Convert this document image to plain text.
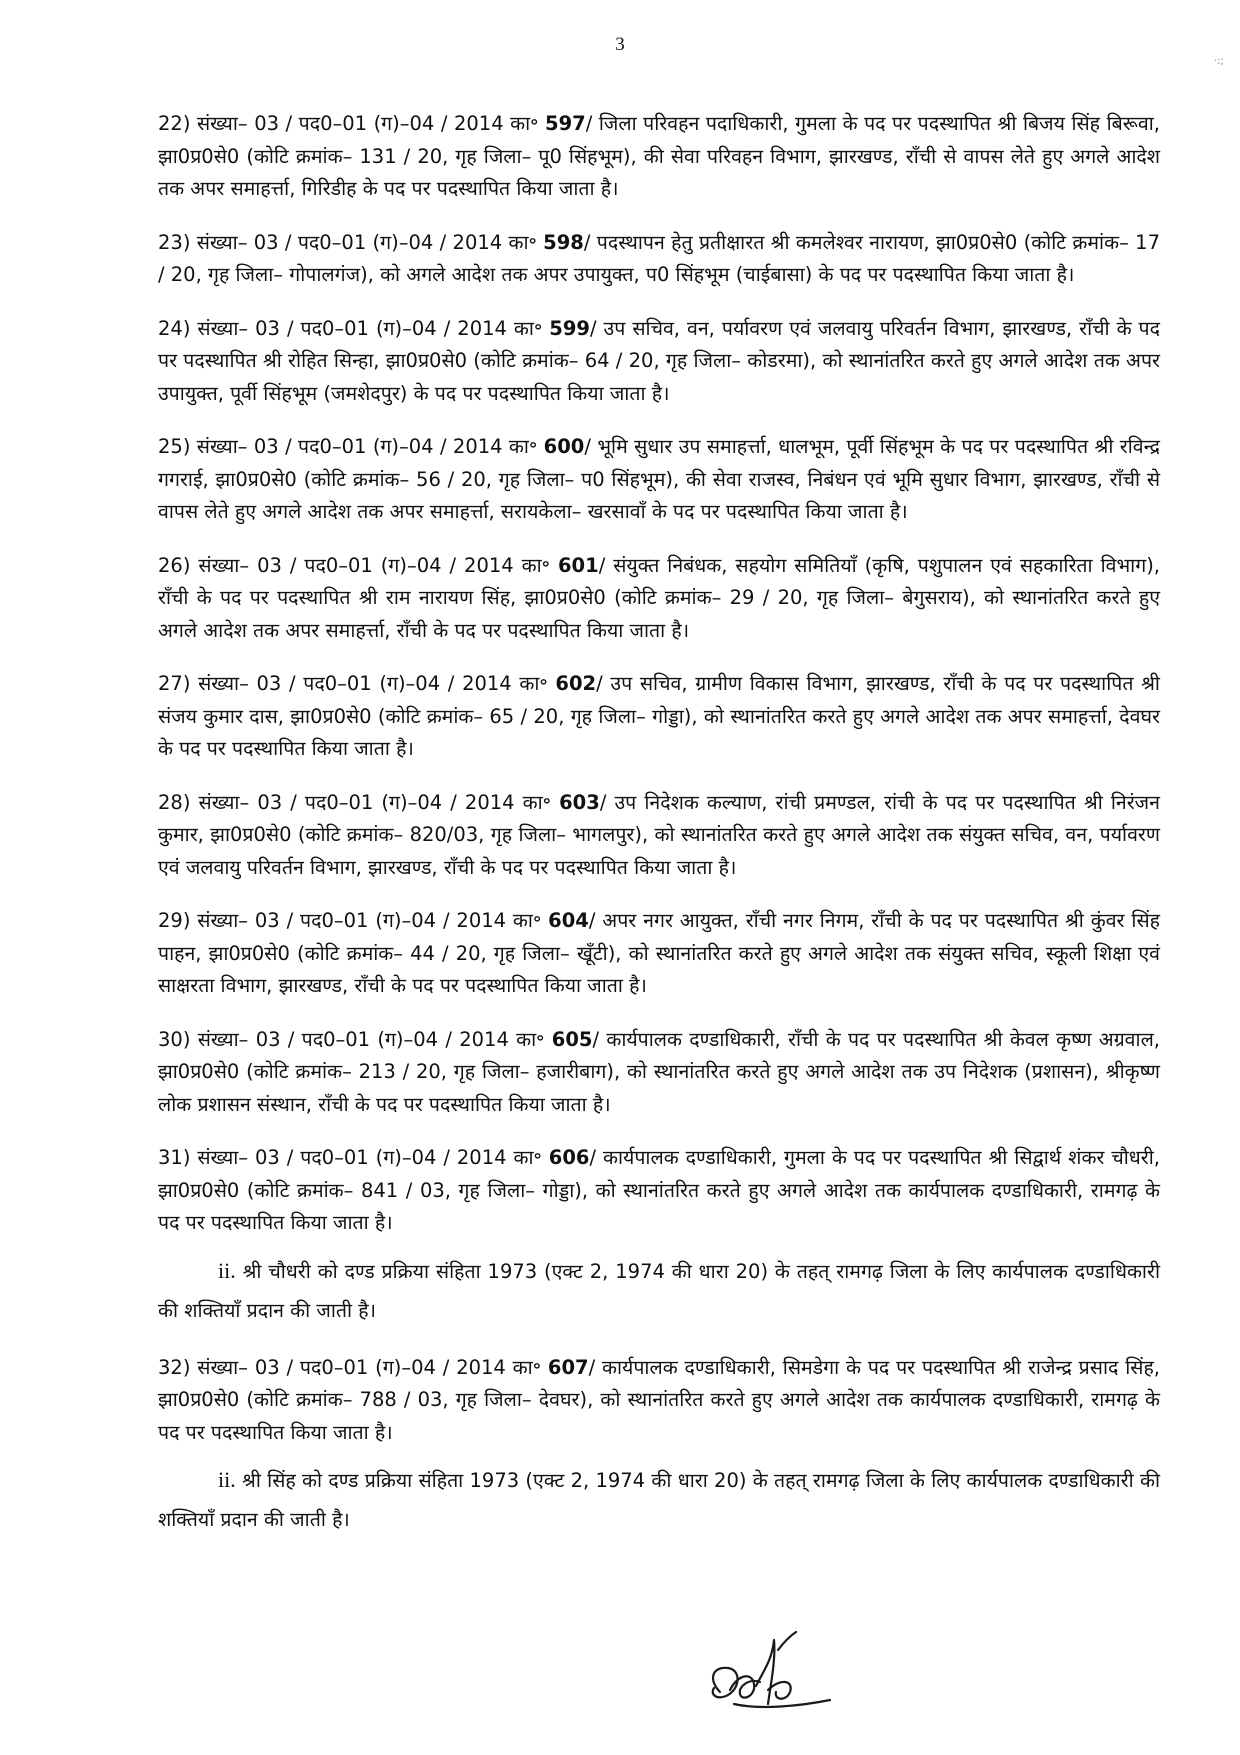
3
·:;

22) संख्या– 03 / पद0–01 (ग)–04 / 2014 का॰ 597/ जिला परिवहन पदाधिकारी, गुमला के पद पर पदस्थापित श्री बिजय सिंह बिरूवा, झा0प्र0से0 (कोटि क्रमांक– 131 / 20, गृह जिला– पू0 सिंहभूम), की सेवा परिवहन विभाग, झारखण्ड, राँची से वापस लेते हुए अगले आदेश तक अपर समाहर्त्ता, गिरिडीह के पद पर पदस्थापित किया जाता है।

23) संख्या– 03 / पद0–01 (ग)–04 / 2014 का॰ 598/ पदस्थापन हेतु प्रतीक्षारत श्री कमलेश्वर नारायण, झा0प्र0से0 (कोटि क्रमांक– 17 / 20, गृह जिला– गोपालगंज), को अगले आदेश तक अपर उपायुक्त, प0 सिंहभूम (चाईबासा) के पद पर पदस्थापित किया जाता है।

24) संख्या– 03 / पद0–01 (ग)–04 / 2014 का॰ 599/ उप सचिव, वन, पर्यावरण एवं जलवायु परिवर्तन विभाग, झारखण्ड, राँची के पद पर पदस्थापित श्री रोहित सिन्हा, झा0प्र0से0 (कोटि क्रमांक– 64 / 20, गृह जिला– कोडरमा), को स्थानांतरित करते हुए अगले आदेश तक अपर उपायुक्त, पूर्वी सिंहभूम (जमशेदपुर) के पद पर पदस्थापित किया जाता है।

25) संख्या– 03 / पद0–01 (ग)–04 / 2014 का॰ 600/ भूमि सुधार उप समाहर्त्ता, धालभूम, पूर्वी सिंहभूम के पद पर पदस्थापित श्री रविन्द्र गगराई, झा0प्र0से0 (कोटि क्रमांक– 56 / 20, गृह जिला– प0 सिंहभूम), की सेवा राजस्व, निबंधन एवं भूमि सुधार विभाग, झारखण्ड, राँची से वापस लेते हुए अगले आदेश तक अपर समाहर्त्ता, सरायकेला– खरसावाँ के पद पर पदस्थापित किया जाता है।

26) संख्या– 03 / पद0–01 (ग)–04 / 2014 का॰ 601/ संयुक्त निबंधक, सहयोग समितियाँ (कृषि, पशुपालन एवं सहकारिता विभाग), राँची के पद पर पदस्थापित श्री राम नारायण सिंह, झा0प्र0से0 (कोटि क्रमांक– 29 / 20, गृह जिला– बेगुसराय), को स्थानांतरित करते हुए अगले आदेश तक अपर समाहर्त्ता, राँची के पद पर पदस्थापित किया जाता है।

27) संख्या– 03 / पद0–01 (ग)–04 / 2014 का॰ 602/ उप सचिव, ग्रामीण विकास विभाग, झारखण्ड, राँची के पद पर पदस्थापित श्री संजय कुमार दास, झा0प्र0से0 (कोटि क्रमांक– 65 / 20, गृह जिला– गोड्डा), को स्थानांतरित करते हुए अगले आदेश तक अपर समाहर्त्ता, देवघर के पद पर पदस्थापित किया जाता है।

28) संख्या– 03 / पद0–01 (ग)–04 / 2014 का॰ 603/ उप निदेशक कल्याण, रांची प्रमण्डल, रांची के पद पर पदस्थापित श्री निरंजन कुमार, झा0प्र0से0 (कोटि क्रमांक– 820/03, गृह जिला– भागलपुर), को स्थानांतरित करते हुए अगले आदेश तक संयुक्त सचिव, वन, पर्यावरण एवं जलवायु परिवर्तन विभाग, झारखण्ड, राँची के पद पर पदस्थापित किया जाता है।

29) संख्या– 03 / पद0–01 (ग)–04 / 2014 का॰ 604/ अपर नगर आयुक्त, राँची नगर निगम, राँची के पद पर पदस्थापित श्री कुंवर सिंह पाहन, झा0प्र0से0 (कोटि क्रमांक– 44 / 20, गृह जिला– खूँटी), को स्थानांतरित करते हुए अगले आदेश तक संयुक्त सचिव, स्कूली शिक्षा एवं साक्षरता विभाग, झारखण्ड, राँची के पद पर पदस्थापित किया जाता है।

30) संख्या– 03 / पद0–01 (ग)–04 / 2014 का॰ 605/ कार्यपालक दण्डाधिकारी, राँची के पद पर पदस्थापित श्री केवल कृष्ण अग्रवाल, झा0प्र0से0 (कोटि क्रमांक– 213 / 20, गृह जिला– हजारीबाग), को स्थानांतरित करते हुए अगले आदेश तक उप निदेशक (प्रशासन), श्रीकृष्ण लोक प्रशासन संस्थान, राँची के पद पर पदस्थापित किया जाता है।

31) संख्या– 03 / पद0–01 (ग)–04 / 2014 का॰ 606/ कार्यपालक दण्डाधिकारी, गुमला के पद पर पदस्थापित श्री सिद्वार्थ शंकर चौधरी, झा0प्र0से0 (कोटि क्रमांक– 841 / 03, गृह जिला– गोड्डा), को स्थानांतरित करते हुए अगले आदेश तक कार्यपालक दण्डाधिकारी, रामगढ़ के पद पर पदस्थापित किया जाता है।

ii. श्री चौधरी को दण्ड प्रक्रिया संहिता 1973 (एक्ट 2, 1974 की धारा 20) के तहत् रामगढ़ जिला के लिए कार्यपालक दण्डाधिकारी की शक्तियाँ प्रदान की जाती है।

32) संख्या– 03 / पद0–01 (ग)–04 / 2014 का॰ 607/ कार्यपालक दण्डाधिकारी, सिमडेगा के पद पर पदस्थापित श्री राजेन्द्र प्रसाद सिंह, झा0प्र0से0 (कोटि क्रमांक– 788 / 03, गृह जिला– देवघर), को स्थानांतरित करते हुए अगले आदेश तक कार्यपालक दण्डाधिकारी, रामगढ़ के पद पर पदस्थापित किया जाता है।

ii. श्री सिंह को दण्ड प्रक्रिया संहिता 1973 (एक्ट 2, 1974 की धारा 20) के तहत् रामगढ़ जिला के लिए कार्यपालक दण्डाधिकारी की शक्तियाँ प्रदान की जाती है।
